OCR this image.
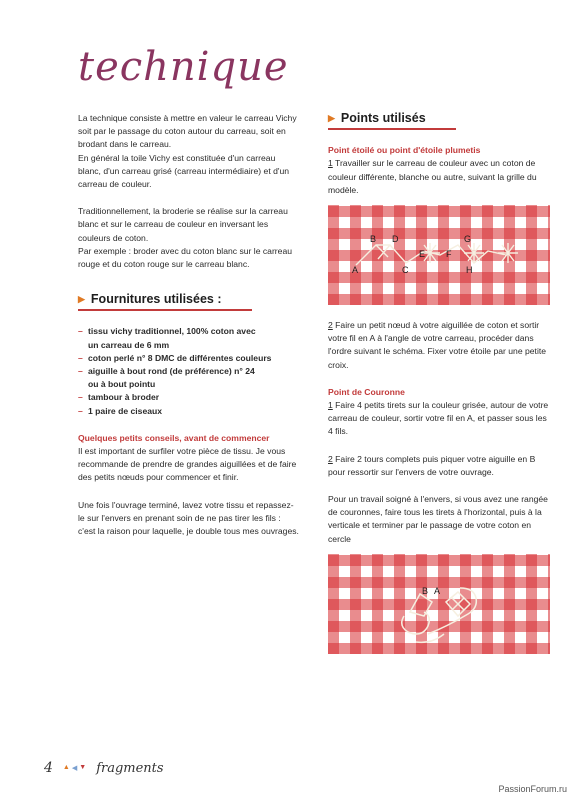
technique

La technique consiste à mettre en valeur le carreau Vichy soit par le passage du coton autour du carreau, soit en brodant dans le carreau.

En général la toile Vichy est constituée d'un carreau blanc, d'un carreau grisé (carreau intermédiaire) et d'un carreau de couleur.

Traditionnellement, la broderie se réalise sur la carreau blanc et sur le carreau de couleur en inversant les couleurs de coton.

Par exemple : broder avec du coton blanc sur le carreau rouge et du coton rouge sur le carreau blanc.

▶ Fournitures utilisées :
– tissu vichy traditionnel, 100% coton avec
un carreau de 6 mm
– coton perlé n° 8 DMC de différentes couleurs
– aiguille à bout rond (de préférence) n° 24
ou à bout pointu
– tambour à broder
– 1 paire de ciseaux

Quelques petits conseils, avant de commencer

Il est important de surfiler votre pièce de tissu. Je vous recommande de prendre de grandes aiguillées et de faire des petits nœuds pour commencer et finir.

Une fois l'ouvrage terminé, lavez votre tissu et repassez-le sur l'envers en prenant soin de ne pas tirer les fils : c'est la raison pour laquelle, je double tous mes ouvrages.

▶ Points utilisés

Point étoilé ou point d'étoile plumetis

1 Travailler sur le carreau de couleur avec un coton de couleur différente, blanche ou autre, suivant la grille du modèle.

B D
A	C
E F
G
H

2 Faire un petit nœud à votre aiguillée de coton et sortir votre fil en A à l'angle de votre carreau, procéder dans l'ordre suivant le schéma. Fixer votre étoile par une petite croix.

Point de Couronne

1 Faire 4 petits tirets sur la couleur grisée, autour de votre carreau de couleur, sortir votre fil en A, et passer sous les 4 fils.

2 Faire 2 tours complets puis piquer votre aiguille en B pour ressortir sur l'envers de votre ouvrage.

Pour un travail soigné à l'envers, si vous avez une rangée de couronnes, faire tous les tirets à l'horizontal, puis à la verticale et terminer par le passage de votre coton en cercle

B A
4 ▲ ◀ ▼ fragments
PassionForum.ru
